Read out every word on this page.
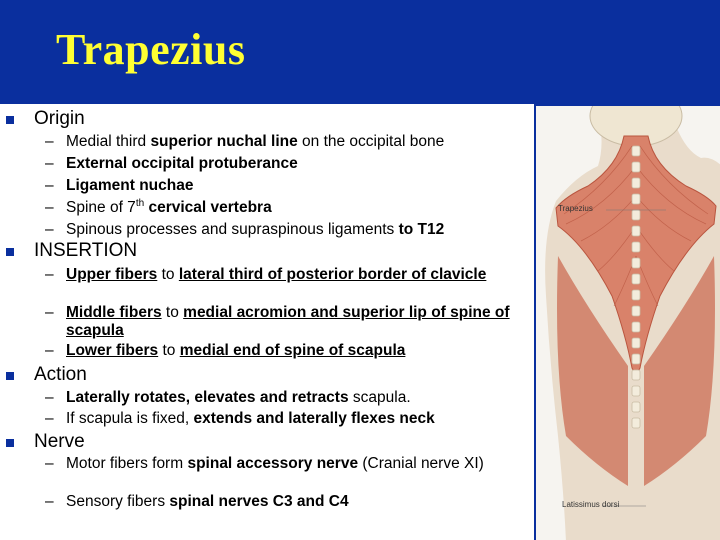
Trapezius
Origin
– Medial third superior nuchal line on the occipital bone
– External occipital protuberance
– Ligament nuchae
– Spine of 7th cervical vertebra
– Spinous processes and supraspinous ligaments to T12
INSERTION
– Upper fibers to lateral third of posterior border of clavicle
– Middle fibers to medial acromion and superior lip of spine of scapula
– Lower fibers to medial end of spine of scapula
Action
– Laterally rotates, elevates and retracts scapula.
– If scapula is fixed, extends and laterally flexes neck
Nerve
– Motor fibers form spinal accessory nerve (Cranial nerve XI)
– Sensory fibers spinal nerves C3 and C4
Trapezius
Latissimus dorsi
